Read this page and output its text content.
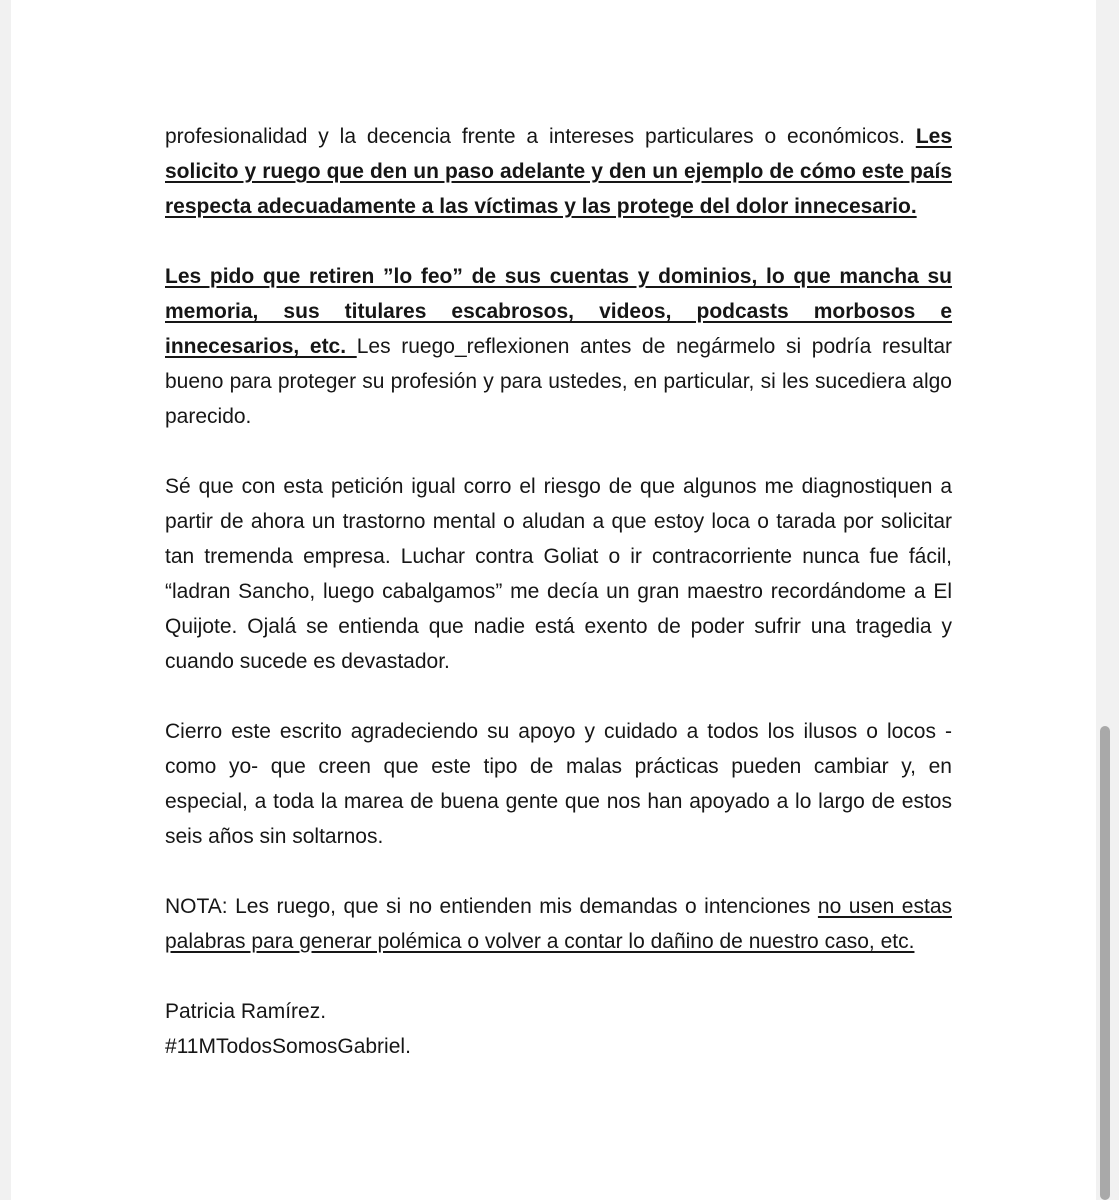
profesionalidad y la decencia frente a intereses particulares o económicos. Les solicito y ruego que den un paso adelante y den un ejemplo de cómo este país respecta adecuadamente a las víctimas y las protege del dolor innecesario.

Les pido que retiren ”lo feo” de sus cuentas y dominios, lo que mancha su memoria, sus titulares escabrosos, videos, podcasts morbosos e innecesarios, etc. Les ruego_reflexionen antes de negármelo si podría resultar bueno para proteger su profesión y para ustedes, en particular, si les sucediera algo parecido.

Sé que con esta petición igual corro el riesgo de que algunos me diagnostiquen a partir de ahora un trastorno mental o aludan a que estoy loca o tarada por solicitar tan tremenda empresa. Luchar contra Goliat o ir contracorriente nunca fue fácil, “ladran Sancho, luego cabalgamos” me decía un gran maestro recordándome a El Quijote. Ojalá se entienda que nadie está exento de poder sufrir una tragedia y cuando sucede es devastador.

Cierro este escrito agradeciendo su apoyo y cuidado a todos los ilusos o locos -como yo- que creen que este tipo de malas prácticas pueden cambiar y, en especial, a toda la marea de buena gente que nos han apoyado a lo largo de estos seis años sin soltarnos.

NOTA: Les ruego, que si no entienden mis demandas o intenciones no usen estas palabras para generar polémica o volver a contar lo dañino de nuestro caso, etc.

Patricia Ramírez.
#11MTodosSomosGabriel.
